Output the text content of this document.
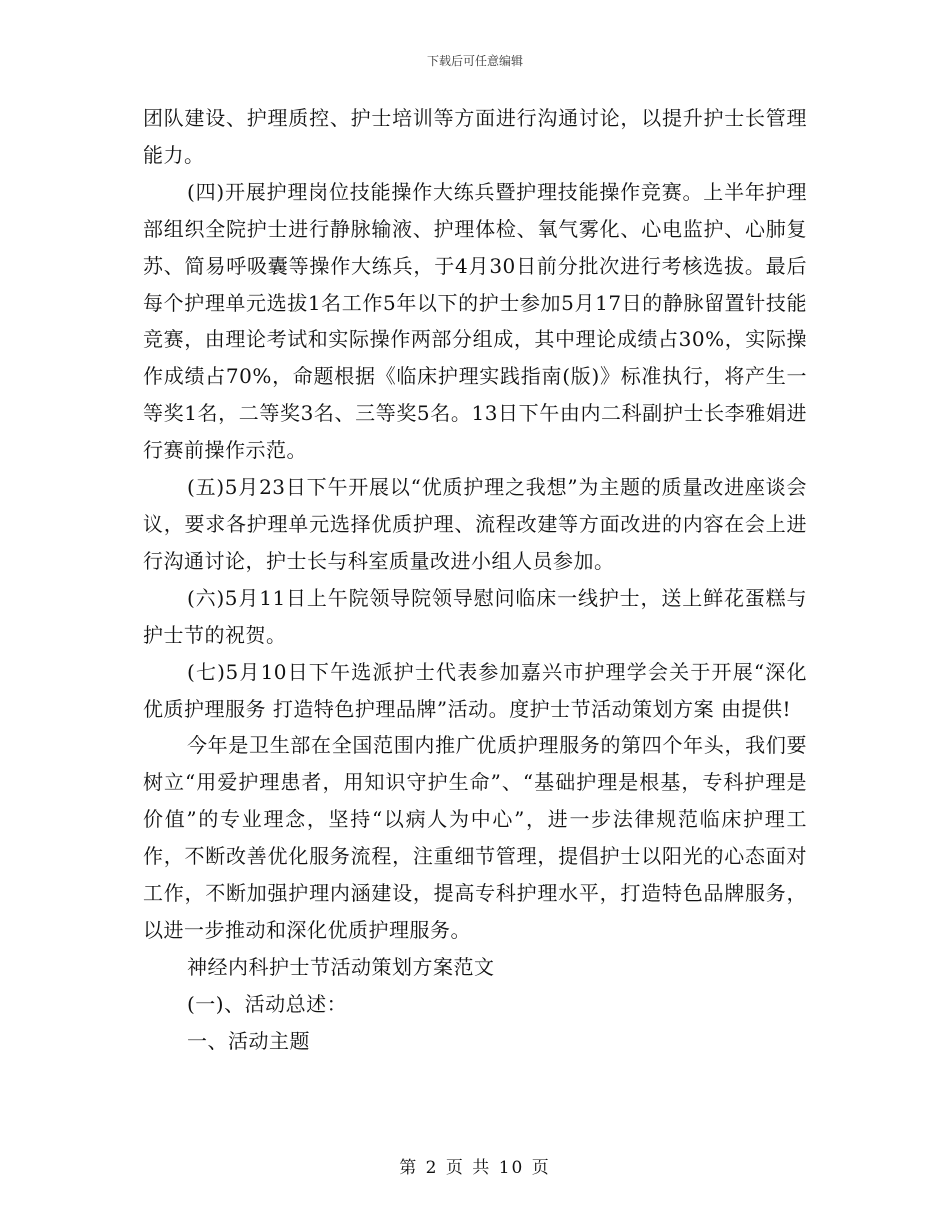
下载后可任意编辑

团队建设、护理质控、护士培训等方面进行沟通讨论，以提升护士长管理能力。

(四)开展护理岗位技能操作大练兵暨护理技能操作竞赛。上半年护理部组织全院护士进行静脉输液、护理体检、氧气雾化、心电监护、心肺复苏、简易呼吸囊等操作大练兵，于4月30日前分批次进行考核选拔。最后每个护理单元选拔1名工作5年以下的护士参加5月17日的静脉留置针技能竞赛，由理论考试和实际操作两部分组成，其中理论成绩占30%，实际操作成绩占70%，命题根据《临床护理实践指南(版)》标准执行，将产生一等奖1名，二等奖3名、三等奖5名。13日下午由内二科副护士长李雅娟进行赛前操作示范。

(五)5月23日下午开展以“优质护理之我想”为主题的质量改进座谈会议，要求各护理单元选择优质护理、流程改建等方面改进的内容在会上进行沟通讨论，护士长与科室质量改进小组人员参加。

(六)5月11日上午院领导院领导慰问临床一线护士，送上鲜花蛋糕与护士节的祝贺。

(七)5月10日下午选派护士代表参加嘉兴市护理学会关于开展“深化优质护理服务 打造特色护理品牌”活动。度护士节活动策划方案 由提供!

今年是卫生部在全国范围内推广优质护理服务的第四个年头，我们要树立“用爱护理患者，用知识守护生命”、“基础护理是根基，专科护理是价值”的专业理念，坚持“以病人为中心”，进一步法律规范临床护理工作，不断改善优化服务流程，注重细节管理，提倡护士以阳光的心态面对工作，不断加强护理内涵建设，提高专科护理水平，打造特色品牌服务，以进一步推动和深化优质护理服务。

神经内科护士节活动策划方案范文

(一)、活动总述：

一、活动主题

第 2 页 共 10 页
